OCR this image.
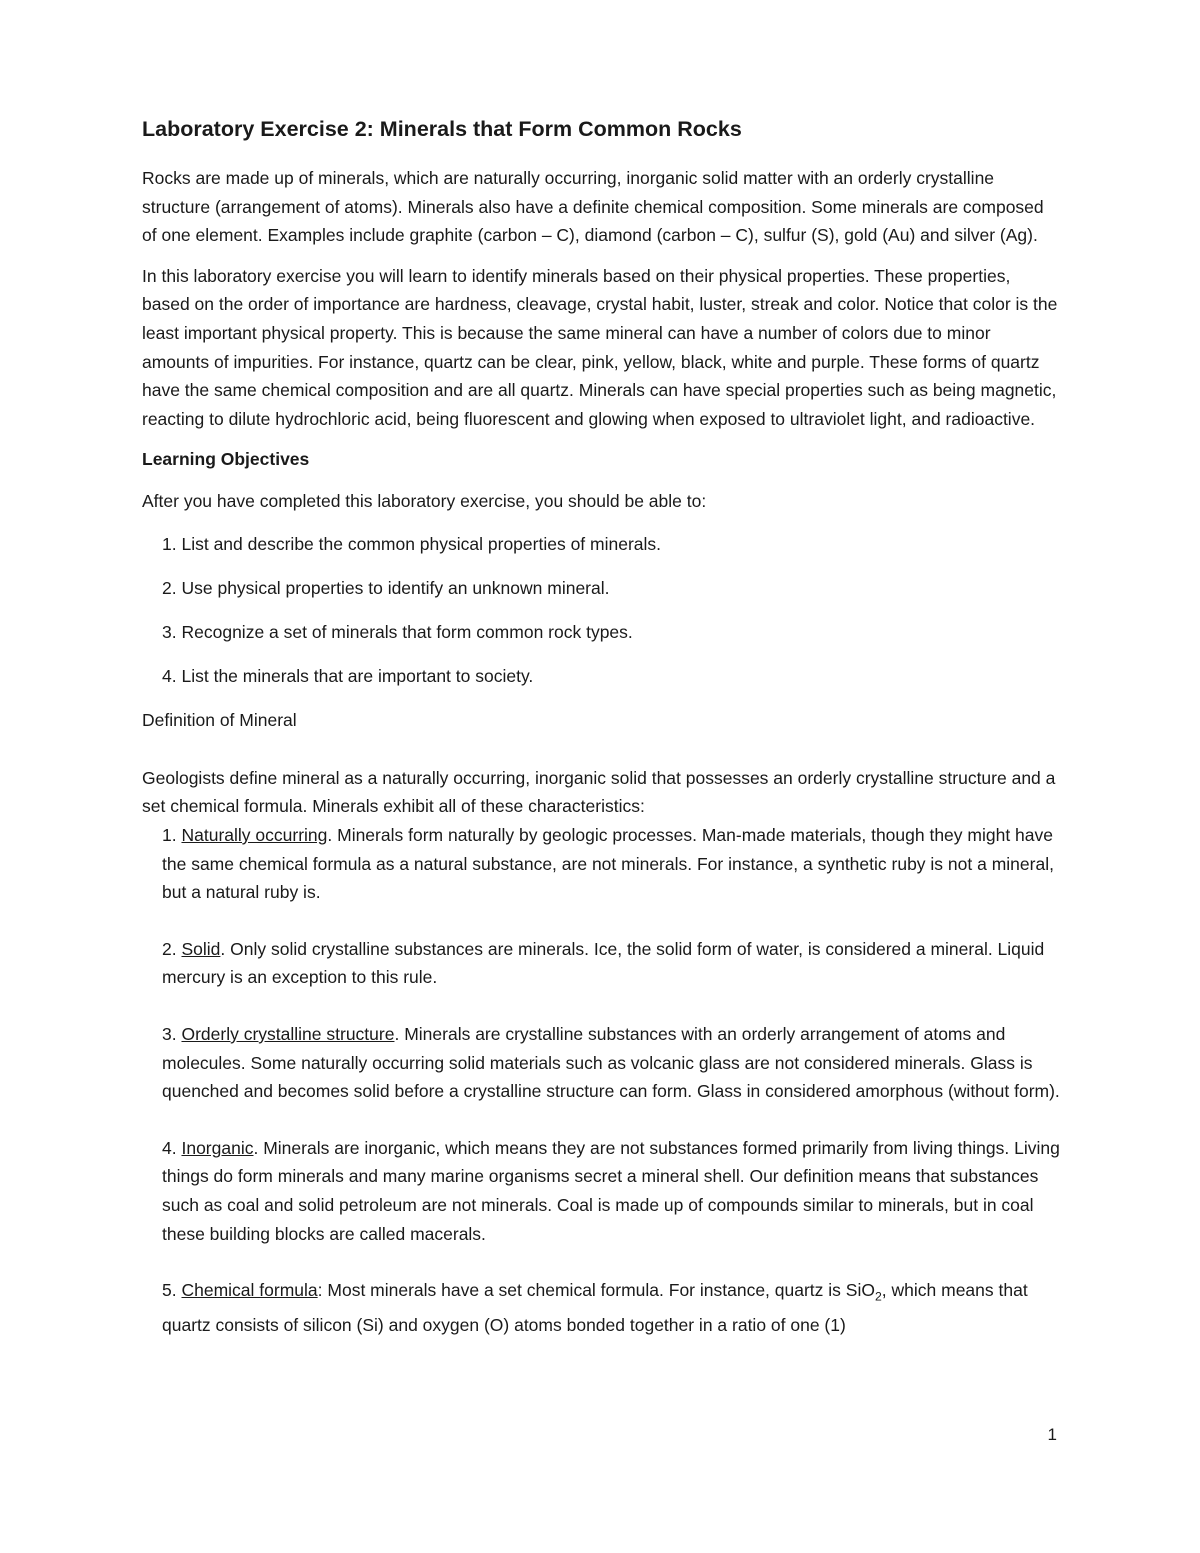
Laboratory Exercise 2: Minerals that Form Common Rocks

Rocks are made up of minerals, which are naturally occurring, inorganic solid matter with an orderly crystalline structure (arrangement of atoms). Minerals also have a definite chemical composition. Some minerals are composed of one element. Examples include graphite (carbon – C), diamond (carbon – C), sulfur (S), gold (Au) and silver (Ag).

In this laboratory exercise you will learn to identify minerals based on their physical properties. These properties, based on the order of importance are hardness, cleavage, crystal habit, luster, streak and color. Notice that color is the least important physical property. This is because the same mineral can have a number of colors due to minor amounts of impurities. For instance, quartz can be clear, pink, yellow, black, white and purple. These forms of quartz have the same chemical composition and are all quartz. Minerals can have special properties such as being magnetic, reacting to dilute hydrochloric acid, being fluorescent and glowing when exposed to ultraviolet light, and radioactive.

Learning Objectives

After you have completed this laboratory exercise, you should be able to:

1. List and describe the common physical properties of minerals.
2. Use physical properties to identify an unknown mineral.
3. Recognize a set of minerals that form common rock types.
4. List the minerals that are important to society.

Definition of Mineral

Geologists define mineral as a naturally occurring, inorganic solid that possesses an orderly crystalline structure and a set chemical formula. Minerals exhibit all of these characteristics:

1. Naturally occurring. Minerals form naturally by geologic processes. Man-made materials, though they might have the same chemical formula as a natural substance, are not minerals. For instance, a synthetic ruby is not a mineral, but a natural ruby is.

2. Solid. Only solid crystalline substances are minerals. Ice, the solid form of water, is considered a mineral. Liquid mercury is an exception to this rule.

3. Orderly crystalline structure. Minerals are crystalline substances with an orderly arrangement of atoms and molecules. Some naturally occurring solid materials such as volcanic glass are not considered minerals. Glass is quenched and becomes solid before a crystalline structure can form. Glass in considered amorphous (without form).

4. Inorganic. Minerals are inorganic, which means they are not substances formed primarily from living things. Living things do form minerals and many marine organisms secret a mineral shell. Our definition means that substances such as coal and solid petroleum are not minerals. Coal is made up of compounds similar to minerals, but in coal these building blocks are called macerals.

5. Chemical formula: Most minerals have a set chemical formula. For instance, quartz is SiO$_2$, which means that quartz consists of silicon (Si) and oxygen (O) atoms bonded together in a ratio of one (1)

1
